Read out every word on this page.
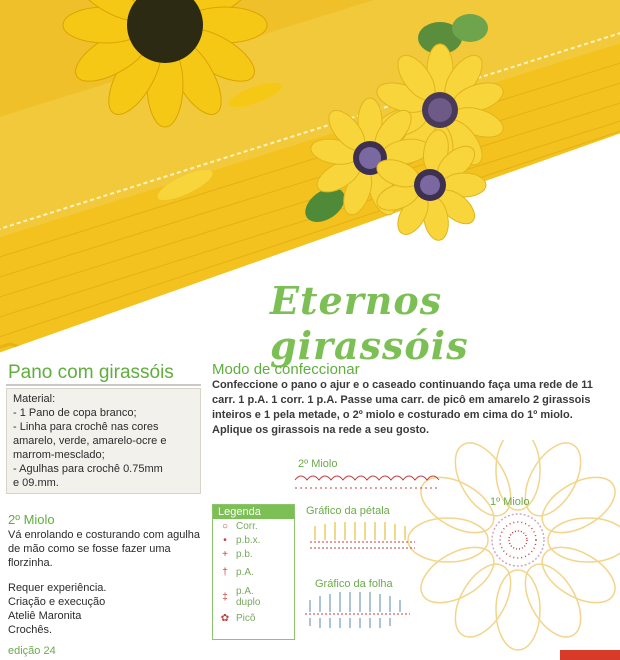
Eternos girassóis
Pano com girassóis
Material:
- 1 Pano de copa branco;
- Linha para crochê nas cores
amarelo, verde, amarelo-ocre e
marrom-mesclado;
- Agulhas para crochê 0.75mm
e 09.mm.
2º Miolo
Vá enrolando e costurando com agulha de mão como se fosse fazer uma florzinha.
Requer experiência.
Criação e execução
Ateliê Maronita
Crochês.
edição 24
Modo de confeccionar
Confeccione o pano o ajur e o caseado continuando faça uma rede de 11 carr. 1 p.A. 1 corr. 1 p.A. Passe uma carr. de picô em amarelo 2 girassois inteiros e 1 pela metade, o 2º miolo e costurado em cima do 1º miolo. Aplique os girassois na rede a seu gosto.
Legenda
○ Corr.
• p.b.x.
+ p.b.
† p.A.
‡ p.A. duplo
✿ Picô
2º Miolo
Gráfico da pétala
Gráfico da folha
1º Miolo
